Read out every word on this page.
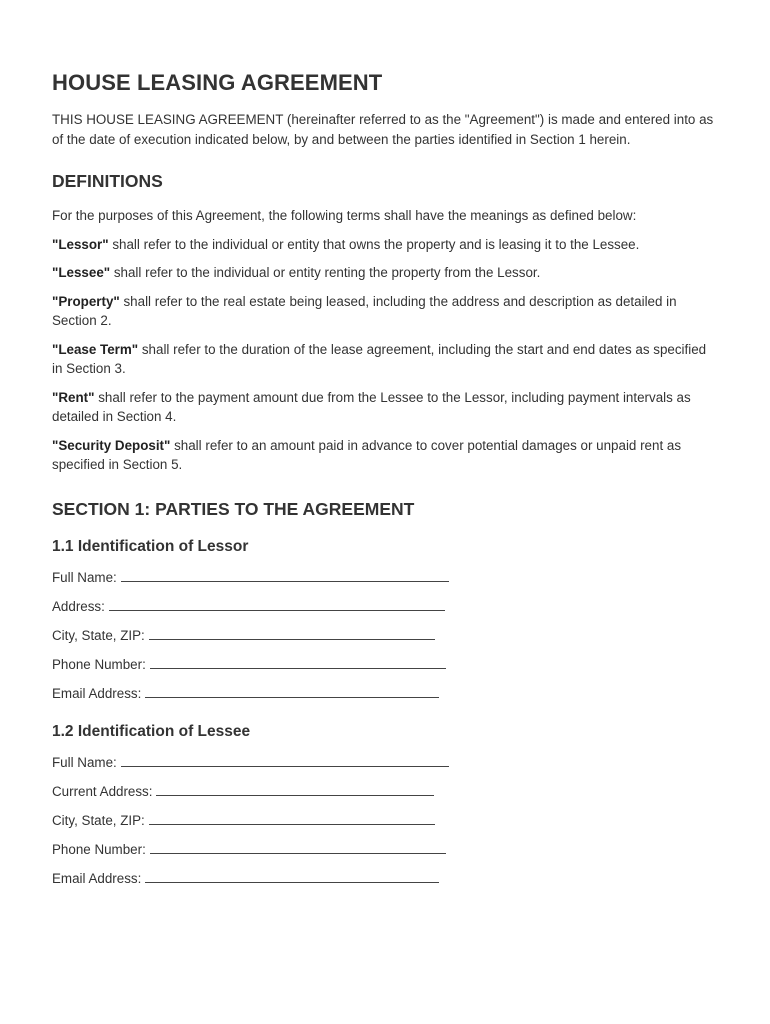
HOUSE LEASING AGREEMENT

THIS HOUSE LEASING AGREEMENT (hereinafter referred to as the "Agreement") is made and entered into as of the date of execution indicated below, by and between the parties identified in Section 1 herein.

DEFINITIONS

For the purposes of this Agreement, the following terms shall have the meanings as defined below:

"Lessor" shall refer to the individual or entity that owns the property and is leasing it to the Lessee.

"Lessee" shall refer to the individual or entity renting the property from the Lessor.

"Property" shall refer to the real estate being leased, including the address and description as detailed in Section 2.

"Lease Term" shall refer to the duration of the lease agreement, including the start and end dates as specified in Section 3.

"Rent" shall refer to the payment amount due from the Lessee to the Lessor, including payment intervals as detailed in Section 4.

"Security Deposit" shall refer to an amount paid in advance to cover potential damages or unpaid rent as specified in Section 5.

SECTION 1: PARTIES TO THE AGREEMENT
1.1 Identification of Lessor
Full Name:
Address:
City, State, ZIP:
Phone Number:
Email Address:
1.2 Identification of Lessee
Full Name:
Current Address:
City, State, ZIP:
Phone Number:
Email Address:
